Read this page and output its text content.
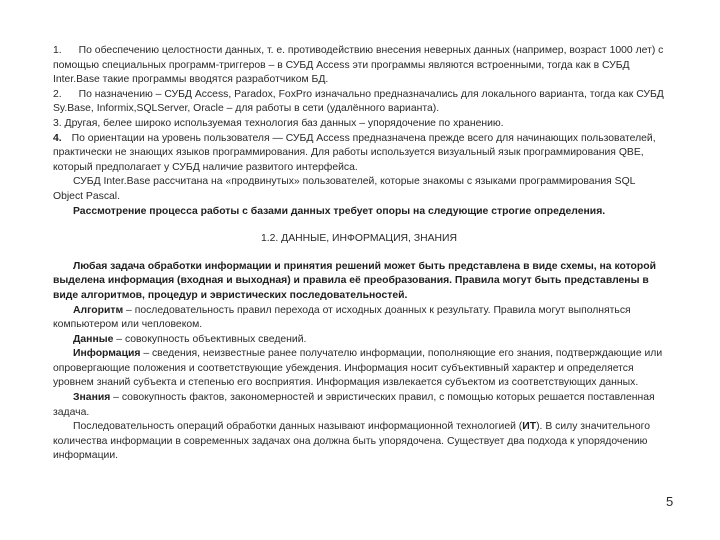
1. По обеспечению целостности данных, т. е. противодействию внесения неверных данных (например, возраст 1000 лет) с помощью специальных программ-триггеров – в СУБД Access эти программы являются встроенными, тогда как в СУБД Inter.Base такие программы вводятся разработчиком БД.

2. По назначению – СУБД Access, Paradox, FoxPro изначально предназначались для локального варианта, тогда как СУБД Sy.Base, Informix,SQLServer, Oracle – для работы в сети (удалённого варианта).

3. Другая, белее широко используемая технология баз данных – упорядочение по хранению.

4. По ориентации на уровень пользователя — СУБД Access предназначена прежде всего для начинающих пользователей, практически не знающих языков программирования. Для работы используется визуальный язык программирования QBE, который предполагает у СУБД наличие развитого интерфейса.

СУБД Inter.Base рассчитана на «продвинутых» пользователей, которые знакомы с языками программирования SQL Object Pascal.

Рассмотрение процесса работы с базами данных требует опоры на следующие строгие определения.

1.2. ДАННЫЕ, ИНФОРМАЦИЯ, ЗНАНИЯ

Любая задача обработки информации и принятия решений может быть представлена в виде схемы, на которой выделена информация (входная и выходная) и правила её преобразования. Правила могут быть представлены в виде алгоритмов, процедур и эвристических последовательностей.

Алгоритм – последовательность правил перехода от исходных доанных к результату. Правила могут выполняться компьютером или чепловеком.

Данные – совокупность объективных сведений.

Информация – сведения, неизвестные ранее получателю информации, пополняющие его знания, подтверждающие или опровергающие положения и соответствующие убеждения. Информация носит субъективный характер и определяется уровнем знаний субъекта и степенью его восприятия. Информация извлекается субъектом из соответствующих данных.

Знания – совокупность фактов, закономерностей и эвристических правил, с помощью которых решается поставленная задача.

Последовательность операций обработки данных называют информационной технологией (ИТ). В силу значительного количества информации в современных задачах она должна быть упорядочена. Существует два подхода к упорядочению информации.

5
